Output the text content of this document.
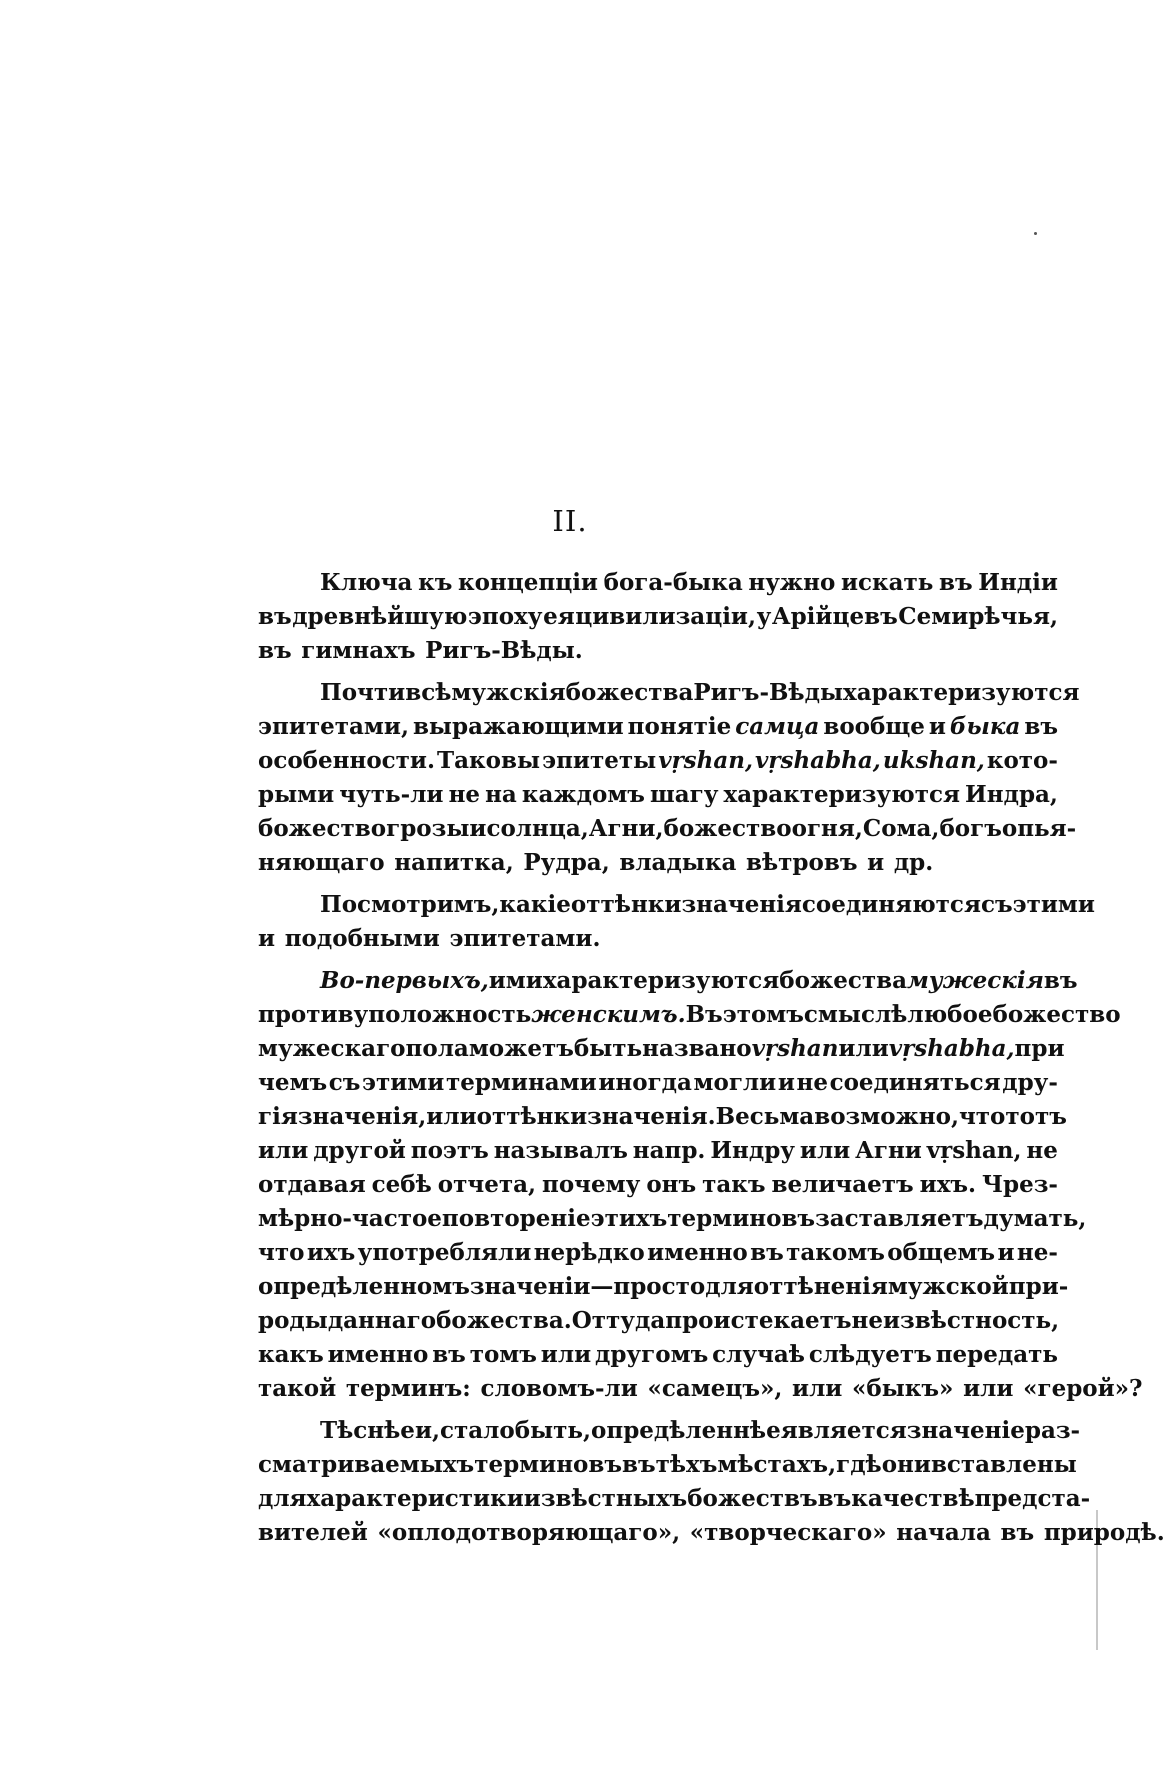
II.
Ключа къ концепціи бога-быка нужно искать въ Индіи
въ древнѣйшую эпоху ея цивилизаціи, у Арійцевъ Семирѣчья,
въ гимнахъ Ригъ-Вѣды.
Почти всѣ мужскія божества Ригъ-Вѣды характеризуются
эпитетами, выражающими понятіе самца вообще и быка въ
особенности. Таковы эпитеты vṛshan, vṛshabha, ukshan, кото-
рыми чуть-ли не на каждомъ шагу характеризуются Индра,
божество грозы и солнца, Агни, божество огня, Сома, богъ опья-
няющаго напитка, Рудра, владыка вѣтровъ и др.
Посмотримъ, какіе оттѣнки значенія соединяются съ этими
и подобными эпитетами.
Во-первыхъ, ими характеризуются божества мужескія въ
противуположность женскимъ. Въ этомъ смыслѣ любое божество
мужескаго пола можетъ быть названо vṛshan или vṛshabha, при
чемъ съ этими терминами иногда могли и не соединяться дру-
гія значенія, или оттѣнки значенія. Весьма возможно, что тотъ
или другой поэтъ называлъ напр. Индру или Агни vṛshan, не
отдавая себѣ отчета, почему онъ такъ величаетъ ихъ. Чрез-
мѣрно-частое повтореніе этихъ терминовъ заставляетъ думать,
что ихъ употребляли нерѣдко именно въ такомъ общемъ и не-
опредѣленномъ значеніи — просто для оттѣненія мужской при-
роды даннаго божества. Оттуда проистекаетъ неизвѣстность,
какъ именно въ томъ или другомъ случаѣ слѣдуетъ передать
такой терминъ: словомъ-ли «самецъ», или «быкъ» или «герой»?
Тѣснѣе и, стало быть, опредѣленнѣе является значеніе раз-
сматриваемыхъ терминовъ въ тѣхъ мѣстахъ, гдѣ они вставлены
для характеристики извѣстныхъ божествъ въ качествѣ предста-
вителей «оплодотворяющаго», «творческаго» начала въ природѣ.
